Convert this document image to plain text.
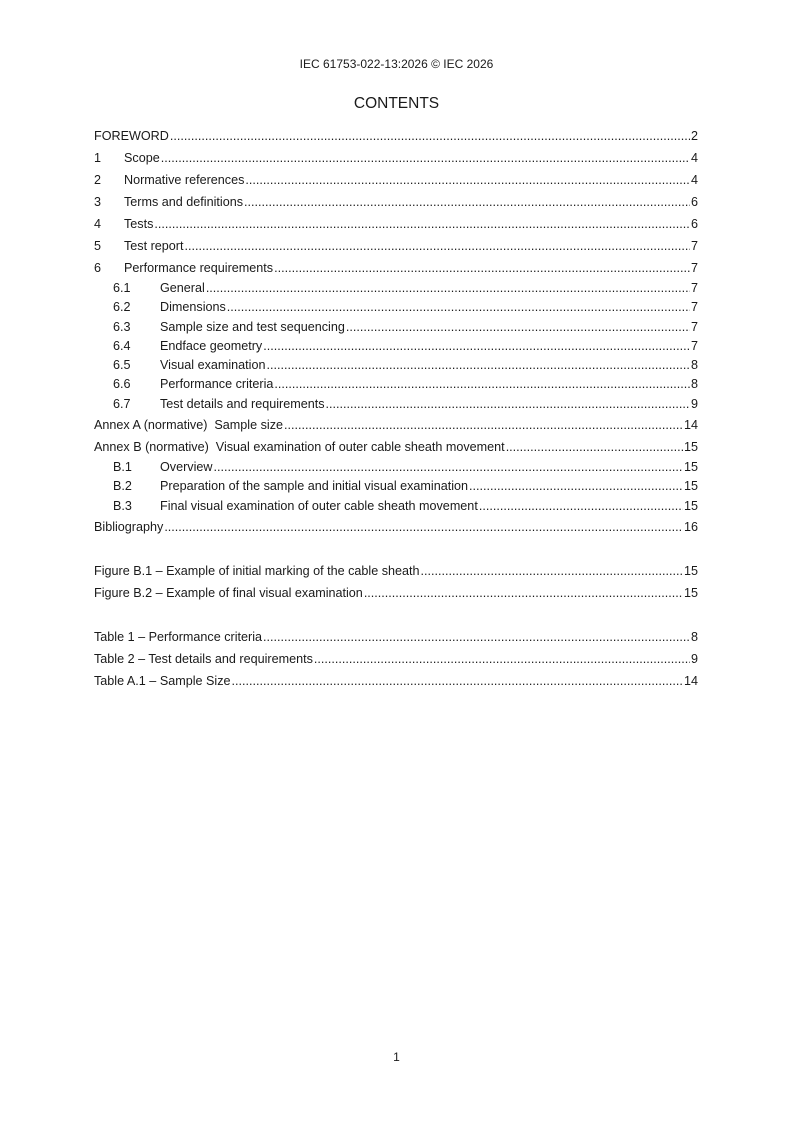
IEC 61753-022-13:2026 © IEC 2026
CONTENTS
FOREWORD .....	2
1	Scope .....	4
2	Normative references .....	4
3	Terms and definitions .....	6
4	Tests .....	6
5	Test report .....	7
6	Performance requirements .....	7
6.1	General .....	7
6.2	Dimensions .....	7
6.3	Sample size and test sequencing .....	7
6.4	Endface geometry .....	7
6.5	Visual examination .....	8
6.6	Performance criteria .....	8
6.7	Test details and requirements .....	9
Annex A (normative)  Sample size .....	14
Annex B (normative)  Visual examination of outer cable sheath movement .....	15
B.1	Overview .....	15
B.2	Preparation of the sample and initial visual examination .....	15
B.3	Final visual examination of outer cable sheath movement .....	15
Bibliography .....	16
Figure B.1 – Example of initial marking of the cable sheath .....	15
Figure B.2 – Example of final visual examination .....	15
Table 1 – Performance criteria .....	8
Table 2 – Test details and requirements .....	9
Table A.1 – Sample Size .....	14
1
